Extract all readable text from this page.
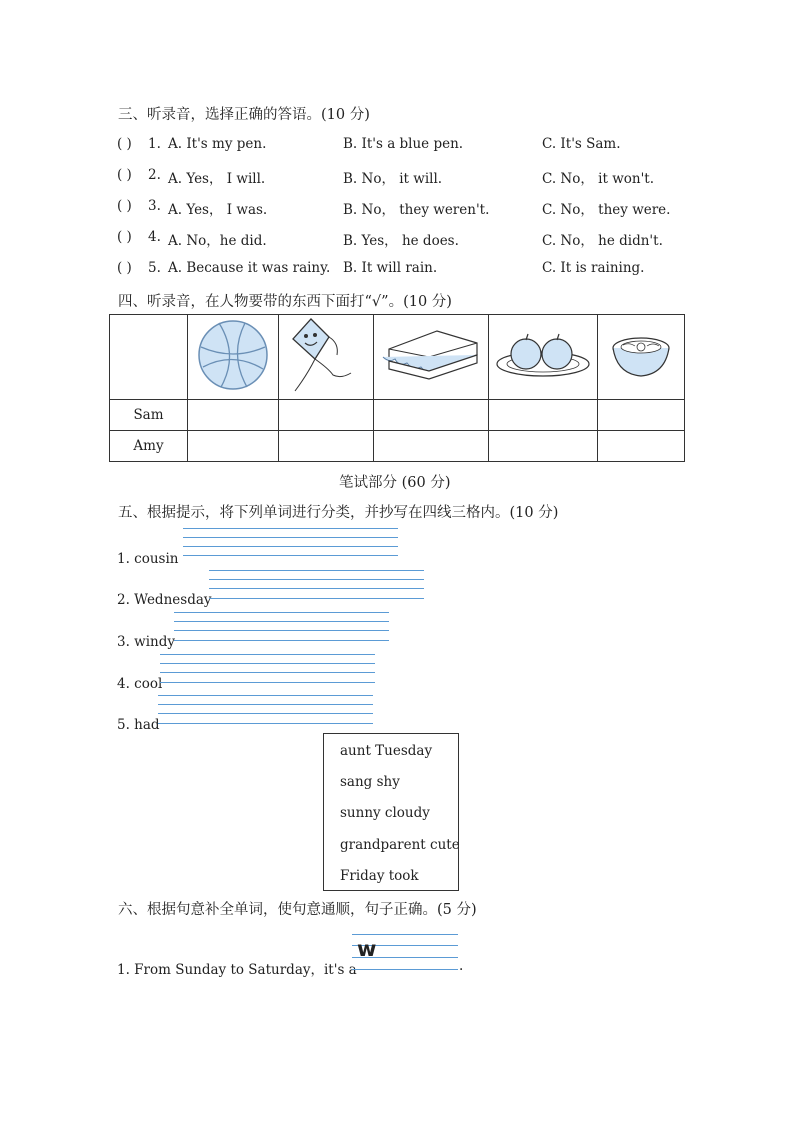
三、听录音，选择正确的答语。(10 分)
( ) 1. A. It's my pen.	B. It's a blue pen.	C. It's Sam.
( ) 2. A. Yes， I will.	B. No， it will.	C. No， it won't.
( ) 3. A. Yes， I was.	B. No， they weren't.	C. No， they were.
( ) 4. A. No，he did.	B. Yes， he does.	C. No， he didn't.
( ) 5. A. Because it was rainy. B. It will rain.	C. It is raining.
四、听录音，在人物要带的东西下面打“√”。(10 分)

Sam					
Amy					
笔试部分 (60 分)
五、根据提示，将下列单词进行分类，并抄写在四线三格内。(10 分)
1. cousin
2. Wednesday
3. windy
4. cool
5. had
aunt Tuesday
sang shy
sunny cloudy
grandparent cute
Friday took
六、根据句意补全单词，使句意通顺，句子正确。(5 分)
1. From Sunday to Saturday，it's a
w
.
